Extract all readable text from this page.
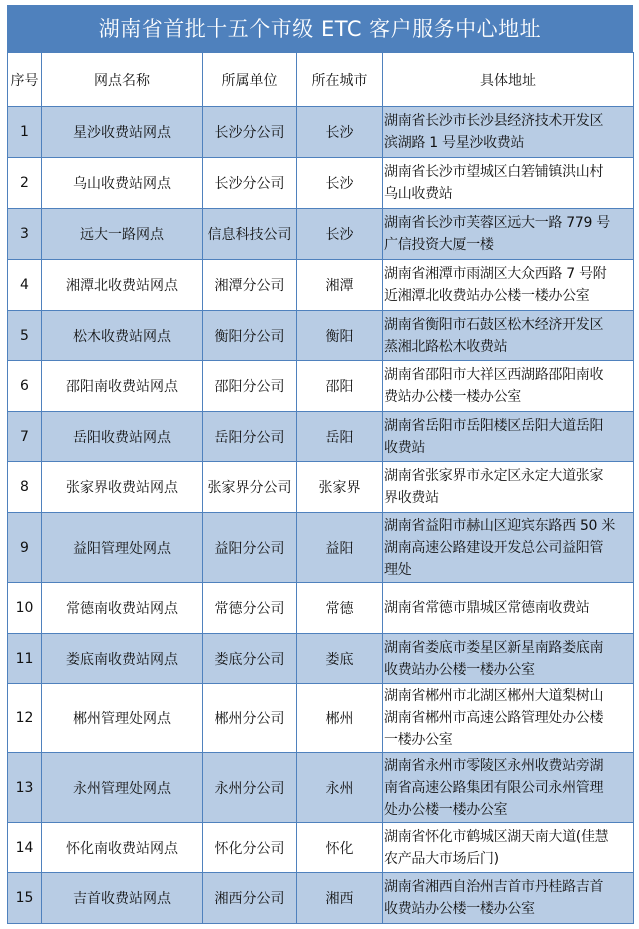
湖南省首批十五个市级 ETC 客户服务中心地址
序号	网点名称	所属单位	所在城市	具体地址
1	星沙收费站网点	长沙分公司	长沙	湖南省长沙市长沙县经济技术开发区
滨湖路 1 号星沙收费站

2	乌山收费站网点	长沙分公司	长沙	湖南省长沙市望城区白箬铺镇洪山村
乌山收费站

3	远大一路网点	信息科技公司	长沙	湖南省长沙市芙蓉区远大一路 779 号
广信投资大厦一楼

4	湘潭北收费站网点	湘潭分公司	湘潭	湖南省湘潭市雨湖区大众西路 7 号附
近湘潭北收费站办公楼一楼办公室

5	松木收费站网点	衡阳分公司	衡阳	湖南省衡阳市石鼓区松木经济开发区
蒸湘北路松木收费站

6	邵阳南收费站网点	邵阳分公司	邵阳	湖南省邵阳市大祥区西湖路邵阳南收
费站办公楼一楼办公室

7	岳阳收费站网点	岳阳分公司	岳阳	湖南省岳阳市岳阳楼区岳阳大道岳阳
收费站

8	张家界收费站网点	张家界分公司	张家界	湖南省张家界市永定区永定大道张家
界收费站

9	益阳管理处网点	益阳分公司	益阳	湖南省益阳市赫山区迎宾东路西 50 米
湖南高速公路建设开发总公司益阳管
理处

10	常德南收费站网点	常德分公司	常德	湖南省常德市鼎城区常德南收费站

11	娄底南收费站网点	娄底分公司	娄底	湖南省娄底市娄星区新星南路娄底南
收费站办公楼一楼办公室

12	郴州管理处网点	郴州分公司	郴州	湖南省郴州市北湖区郴州大道梨树山
湖南省郴州市高速公路管理处办公楼
一楼办公室

13	永州管理处网点	永州分公司	永州	湖南省永州市零陵区永州收费站旁湖
南省高速公路集团有限公司永州管理
处办公楼一楼办公室

14	怀化南收费站网点	怀化分公司	怀化	湖南省怀化市鹤城区湖天南大道(佳慧
农产品大市场后门)

15	吉首收费站网点	湘西分公司	湘西	湖南省湘西自治州吉首市丹桂路吉首
收费站办公楼一楼办公室
